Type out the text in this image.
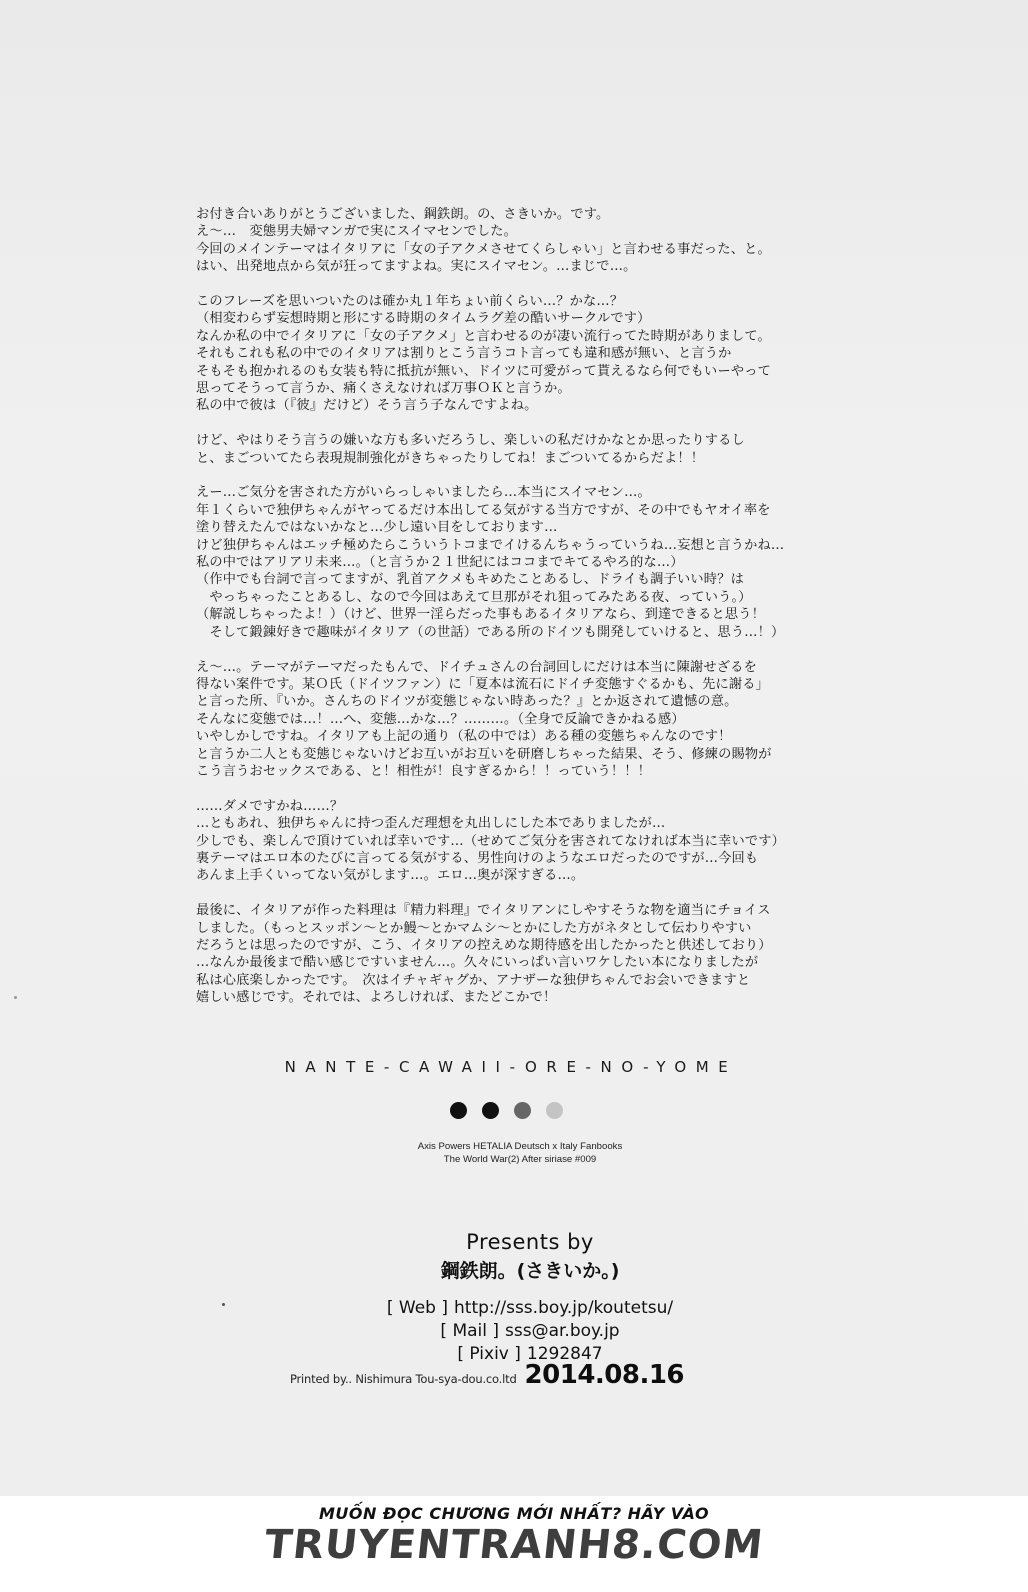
お付き合いありがとうございました、鋼鉄朗。の、さきいか。です。
え～…　変態男夫婦マンガで実にスイマセンでした。
今回のメインテーマはイタリアに「女の子アクメさせてくらしゃい」と言わせる事だった、と。
はい、出発地点から気が狂ってますよね。実にスイマセン。…まじで…。
このフレーズを思いついたのは確か丸１年ちょい前くらい…？かな…？
（相変わらず妄想時期と形にする時期のタイムラグ差の酷いサークルです）
なんか私の中でイタリアに「女の子アクメ」と言わせるのが凄い流行ってた時期がありまして。
それもこれも私の中でのイタリアは割りとこう言うコト言っても違和感が無い、と言うか
そもそも抱かれるのも女装も特に抵抗が無い、ドイツに可愛がって貰えるなら何でもいーやって
思ってそうって言うか、痛くさえなければ万事ＯＫと言うか。
私の中で彼は（『彼』だけど）そう言う子なんですよね。
けど、やはりそう言うの嫌いな方も多いだろうし、楽しいの私だけかなとか思ったりするし
と、まごついてたら表現規制強化がきちゃったりしてね！まごついてるからだよ！！
えー…ご気分を害された方がいらっしゃいましたら…本当にスイマセン…。
年１くらいで独伊ちゃんがヤってるだけ本出してる気がする当方ですが、その中でもヤオイ率を
塗り替えたんではないかなと…少し遠い目をしております…
けど独伊ちゃんはエッチ極めたらこういうトコまでイけるんちゃうっていうね…妄想と言うかね…
私の中ではアリアリ未来…。（と言うか２１世紀にはココまでキてるやろ的な…）
（作中でも台詞で言ってますが、乳首アクメもキめたことあるし、ドライも調子いい時？は
　やっちゃったことあるし、なので今回はあえて旦那がそれ狙ってみたある夜、っていう。）
（解説しちゃったよ！）（けど、世界一淫らだった事もあるイタリアなら、到達できると思う！
　そして鍛錬好きで趣味がイタリア（の世話）である所のドイツも開発していけると、思う…！）
え～…。テーマがテーマだったもんで、ドイチュさんの台詞回しにだけは本当に陳謝せざるを
得ない案件です。某Ｏ氏（ドイツファン）に「夏本は流石にドイチ変態すぐるかも、先に謝る」
と言った所、『いか。さんちのドイツが変態じゃない時あった？』とか返されて遺憾の意。
そんなに変態では…！…へ、変態…かな…？………。（全身で反論できかねる感）
いやしかしですね。イタリアも上記の通り（私の中では）ある種の変態ちゃんなのです！
と言うか二人とも変態じゃないけどお互いがお互いを研磨しちゃった結果、そう、修練の賜物が
こう言うおセックスである、と！相性が！良すぎるから！！っていう！！！
……ダメですかね……？
…ともあれ、独伊ちゃんに持つ歪んだ理想を丸出しにした本でありましたが…
少しでも、楽しんで頂けていれば幸いです…（せめてご気分を害されてなければ本当に幸いです）
裏テーマはエロ本のたびに言ってる気がする、男性向けのようなエロだったのですが…今回も
あんま上手くいってない気がします…。エロ…奥が深すぎる…。
最後に、イタリアが作った料理は『精力料理』でイタリアンにしやすそうな物を適当にチョイス
しました。（もっとスッポン～とか鰻～とかマムシ～とかにした方がネタとして伝わりやすい
だろうとは思ったのですが、こう、イタリアの控えめな期待感を出したかったと供述しており）
…なんか最後まで酷い感じですいません…。久々にいっぱい言いワケしたい本になりましたが
私は心底楽しかったです。　次はイチャギャグか、アナザーな独伊ちゃんでお会いできますと
嬉しい感じです。それでは、よろしければ、またどこかで！
NANTE-CAWAII-ORE-NO-YOME
Axis Powers HETALIA Deutsch x Italy Fanbooks
The World War(2) After siriase #009
Presents by
鋼鉄朗。(さきいか。)
[ Web ] http://sss.boy.jp/koutetsu/
[ Mail ] sss@ar.boy.jp
[ Pixiv ] 1292847
Printed by.. Nishimura Tou-sya-dou.co.ltd 2014.08.16
MUỐN ĐỌC CHƯƠNG MỚI NHẤT? HÃY VÀO
TRUYENTRANH8.COM
